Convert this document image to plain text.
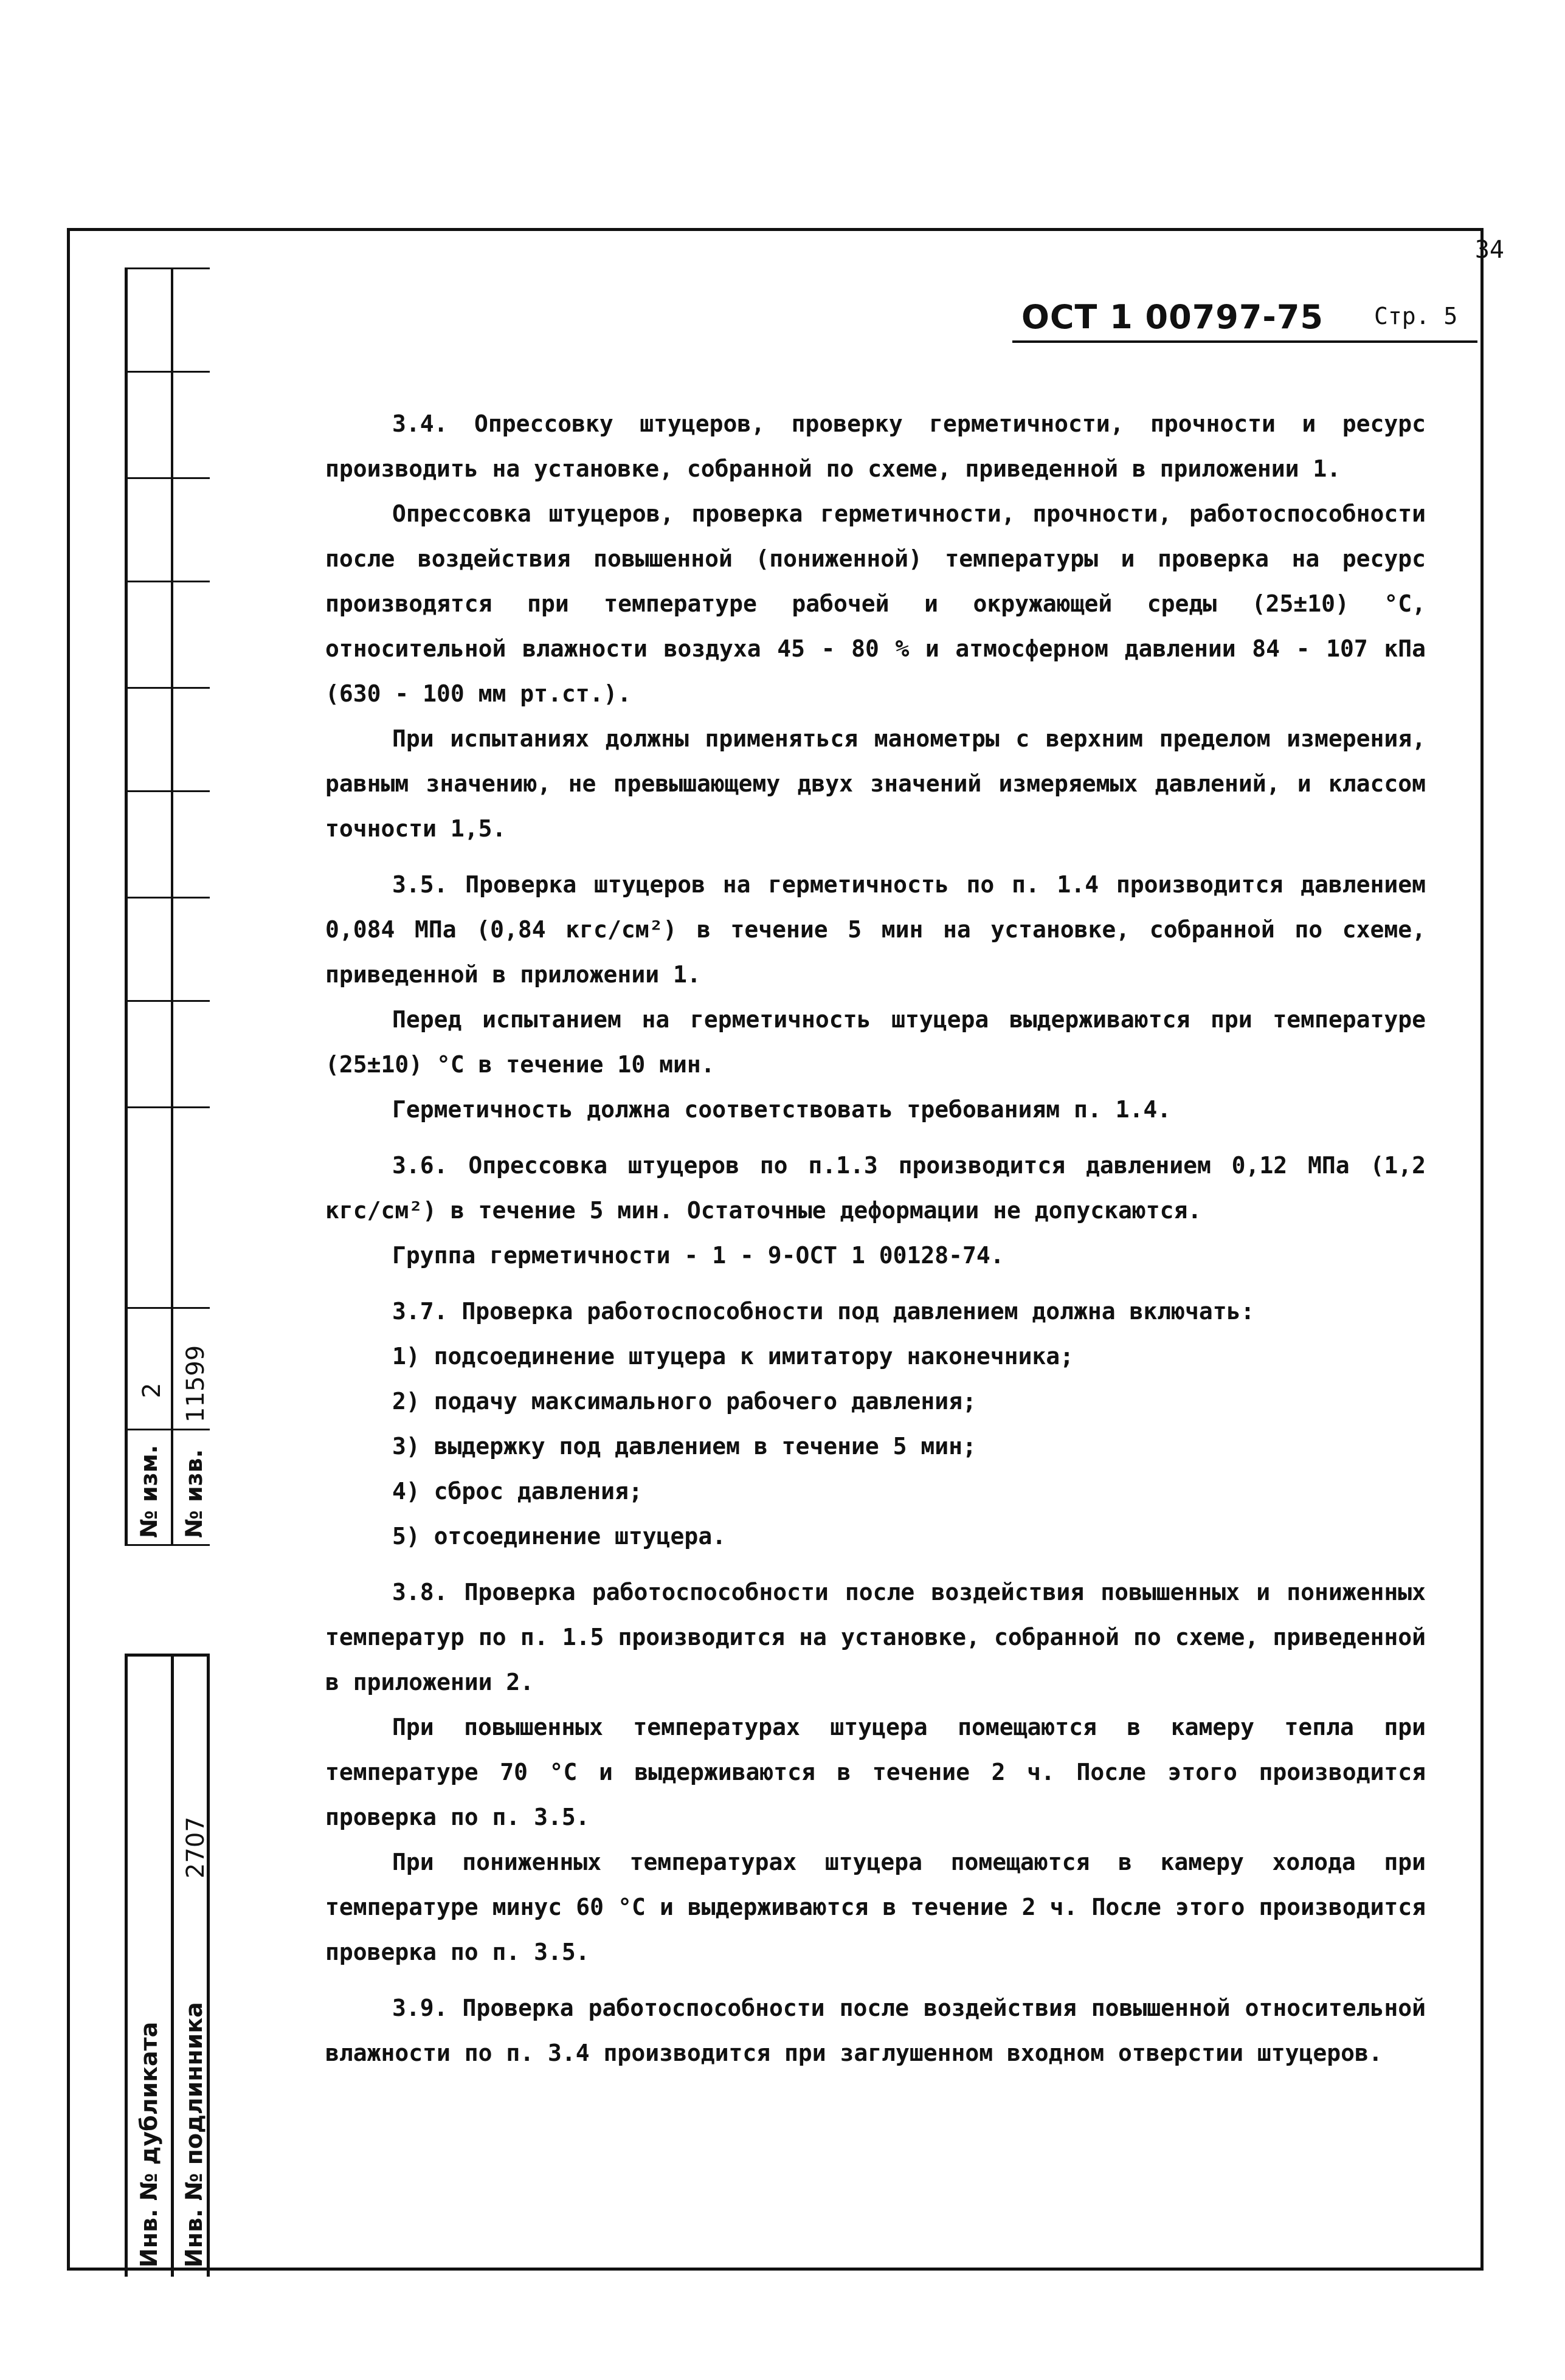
34
№ изм.
2
№ изв.
11599
Инв. № дубликата Инв. № подлинника
2707
ОСТ 1 00797-75 Стр. 5

3.4. Опрессовку штуцеров, проверку герметичности, прочности и ресурс производить на установке, собранной по схеме, приведенной в приложении 1.

Опрессовка штуцеров, проверка герметичности, прочности, работоспособности после воздействия повышенной (пониженной) температуры и проверка на ресурс производятся при температуре рабочей и окружающей среды (25±10) °С, относительной влажности воздуха 45 - 80 % и атмосферном давлении 84 - 107 кПа (630 - 100 мм рт.ст.).

При испытаниях должны применяться манометры с верхним пределом измерения, равным значению, не превышающему двух значений измеряемых давлений, и классом точности 1,5.

3.5. Проверка штуцеров на герметичность по п. 1.4 производится давлением 0,084 МПа (0,84 кгс/см²) в течение 5 мин на установке, собранной по схеме, приведенной в приложении 1.

Перед испытанием на герметичность штуцера выдерживаются при температуре (25±10) °С в течение 10 мин.

Герметичность должна соответствовать требованиям п. 1.4.

3.6. Опрессовка штуцеров по п.1.3 производится давлением 0,12 МПа (1,2 кгс/см²) в течение 5 мин. Остаточные деформации не допускаются.

Группа герметичности - 1 - 9-ОСТ 1 00128-74.

3.7. Проверка работоспособности под давлением должна включать:

1) подсоединение штуцера к имитатору наконечника;

2) подачу максимального рабочего давления;

3) выдержку под давлением в течение 5 мин;

4) сброс давления;

5) отсоединение штуцера.

3.8. Проверка работоспособности после воздействия повышенных и пониженных температур по п. 1.5 производится на установке, собранной по схеме, приведенной в приложении 2.

При повышенных температурах штуцера помещаются в камеру тепла при температуре 70 °С и выдерживаются в течение 2 ч. После этого производится проверка по п. 3.5.

При пониженных температурах штуцера помещаются в камеру холода при температуре минус 60 °С и выдерживаются в течение 2 ч. После этого производится проверка по п. 3.5.

3.9. Проверка работоспособности после воздействия повышенной относительной влажности по п. 3.4 производится при заглушенном входном отверстии штуцеров.
